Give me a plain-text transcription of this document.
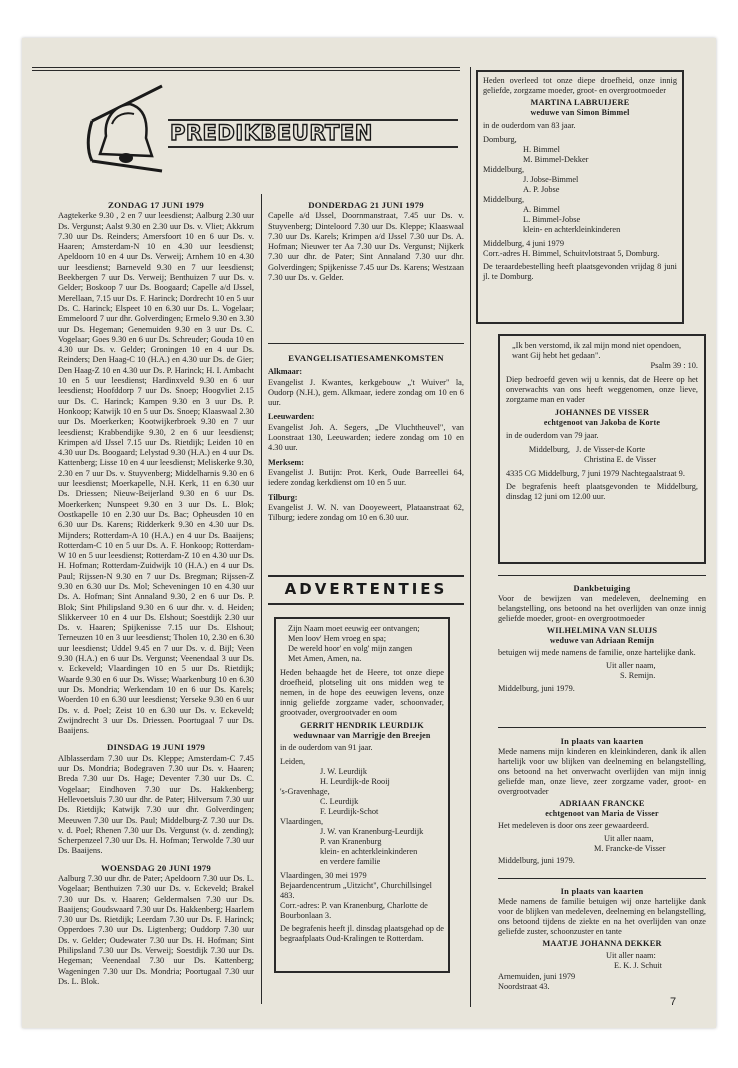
PREDIKBEURTEN
ZONDAG 17 JUNI 1979

Aagtekerke 9.30 , 2 en 7 uur leesdienst; Aalburg 2.30 uur Ds. Vergunst; Aalst 9.30 en 2.30 uur Ds. v. Vliet; Akkrum 7.30 uur Ds. Reinders; Amersfoort 10 en 6 uur Ds. v. Haaren; Amsterdam-N 10 en 4.30 uur leesdienst; Apeldoorn 10 en 4 uur Ds. Verweij; Arnhem 10 en 4.30 uur leesdienst; Barneveld 9.30 en 7 uur leesdienst; Beekbergen 7 uur Ds. Verweij; Benthuizen 7 uur Ds. v. Gelder; Boskoop 7 uur Ds. Boogaard; Capelle a/d IJssel, Merellaan, 7.15 uur Ds. F. Harinck; Dordrecht 10 en 5 uur Ds. C. Harinck; Elspeet 10 en 6.30 uur Ds. L. Vogelaar; Emmeloord 7 uur dhr. Golverdingen; Ermelo 9.30 en 3.30 uur Ds. Hegeman; Genemuiden 9.30 en 3 uur Ds. C. Vogelaar; Goes 9.30 en 6 uur Ds. Schreuder; Gouda 10 en 4.30 uur Ds. v. Gelder; Groningen 10 en 4 uur Ds. Reinders; Den Haag-C 10 (H.A.) en 4.30 uur Ds. de Gier; Den Haag-Z 10 en 4.30 uur Ds. P. Harinck; H. I. Ambacht 10 en 5 uur leesdienst; Hardinxveld 9.30 en 6 uur leesdienst; Hoofddorp 7 uur Ds. Snoep; Hoogvliet 2.15 uur Ds. C. Harinck; Kampen 9.30 en 3 uur Ds. P. Honkoop; Katwijk 10 en 5 uur Ds. Snoep; Klaaswaal 2.30 uur Ds. Moerkerken; Kootwijkerbroek 9.30 en 7 uur leesdienst; Krabbendijke 9.30, 2 en 6 uur leesdienst; Krimpen a/d IJssel 7.15 uur Ds. Rietdijk; Leiden 10 en 4.30 uur Ds. Boogaard; Lelystad 9.30 (H.A.) en 4 uur Ds. Kattenberg; Lisse 10 en 4 uur leesdienst; Meliskerke 9.30, 2.30 en 7 uur Ds. v. Stuyvenberg; Middelharnis 9.30 en 6 uur leesdienst; Moerkapelle, N.H. Kerk, 11 en 6.30 uur Ds. Driessen; Nieuw-Beijerland 9.30 en 6 uur Ds. Moerkerken; Nunspeet 9.30 en 3 uur Ds. L. Blok; Oostkapelle 10 en 2.30 uur Ds. Bac; Opheusden 10 en 6.30 uur Ds. Karens; Ridderkerk 9.30 en 4.30 uur Ds. Mijnders; Rotterdam-A 10 (H.A.) en 4 uur Ds. Baaijens; Rotterdam-C 10 en 5 uur Ds. A. F. Honkoop; Rotterdam-W 10 en 5 uur leesdienst; Rotterdam-Z 10 en 4.30 uur Ds. H. Hofman; Rotterdam-Zuidwijk 10 (H.A.) en 4 uur Ds. Paul; Rijssen-N 9.30 en 7 uur Ds. Bregman; Rijssen-Z 9.30 en 6.30 uur Ds. Mol; Scheveningen 10 en 4.30 uur Ds. A. Hofman; Sint Annaland 9.30, 2 en 6 uur Ds. P. Blok; Sint Philipsland 9.30 en 6 uur dhr. v. d. Heiden; Slikkerveer 10 en 4 uur Ds. Elshout; Soestdijk 2.30 uur Ds. v. Haaren; Spijkenisse 7.15 uur Ds. Elshout; Terneuzen 10 en 3 uur leesdienst; Tholen 10, 2.30 en 6.30 uur leesdienst; Uddel 9.45 en 7 uur Ds. v. d. Bijl; Veen 9.30 (H.A.) en 6 uur Ds. Vergunst; Veenendaal 3 uur Ds. v. Eckeveld; Vlaardingen 10 en 5 uur Ds. Rietdijk; Waarde 9.30 en 6 uur Ds. Wisse; Waarkenburg 10 en 6.30 uur Ds. Mondria; Werkendam 10 en 6 uur Ds. Karels; Woerden 10 en 6.30 uur leesdienst; Yerseke 9.30 en 6 uur Ds. v. d. Poel; Zeist 10 en 6.30 uur Ds. v. Eckeveld; Zwijndrecht 3 uur Ds. Driessen. Poortugaal 7 uur Ds. Baaijens.

DINSDAG 19 JUNI 1979

Alblasserdam 7.30 uur Ds. Kleppe; Amsterdam-C 7.45 uur Ds. Mondria; Bodegraven 7.30 uur Ds. v. Haaren; Breda 7.30 uur Ds. Hage; Deventer 7.30 uur Ds. C. Vogelaar; Eindhoven 7.30 uur Ds. Hakkenberg; Hellevoetsluis 7.30 uur dhr. de Pater; Hilversum 7.30 uur Ds. Rietdijk; Katwijk 7.30 uur dhr. Golverdingen; Meeuwen 7.30 uur Ds. Paul; Middelburg-Z 7.30 uur Ds. v. d. Poel; Rhenen 7.30 uur Ds. Vergunst (v. d. zending); Scherpenzeel 7.30 uur Ds. H. Hofman; Terwolde 7.30 uur Ds. Baaijens.

WOENSDAG 20 JUNI 1979

Aalburg 7.30 uur dhr. de Pater; Apeldoorn 7.30 uur Ds. L. Vogelaar; Benthuizen 7.30 uur Ds. v. Eckeveld; Brakel 7.30 uur Ds. v. Haaren; Geldermalsen 7.30 uur Ds. Baaijens; Goudswaard 7.30 uur Ds. Hakkenberg; Haarlem 7.30 uur Ds. Rietdijk; Leerdam 7.30 uur Ds. F. Harinck; Opperdoes 7.30 uur Ds. Ligtenberg; Ouddorp 7.30 uur Ds. v. Gelder; Oudewater 7.30 uur Ds. H. Hofman; Sint Philipsland 7.30 uur Ds. Verweij; Soestdijk 7.30 uur Ds. Hegeman; Veenendaal 7.30 uur Ds. Kattenberg; Wageningen 7.30 uur Ds. Mondria; Poortugaal 7.30 uur Ds. L. Blok.

DONDERDAG 21 JUNI 1979

Capelle a/d IJssel, Doornmanstraat, 7.45 uur Ds. v. Stuyvenberg; Dinteloord 7.30 uur Ds. Kleppe; Klaaswaal 7.30 uur Ds. Karels; Krimpen a/d IJssel 7.30 uur Ds. A. Hofman; Nieuwer ter Aa 7.30 uur Ds. Vergunst; Nijkerk 7.30 uur dhr. de Pater; Sint Annaland 7.30 uur dhr. Golverdingen; Spijkenisse 7.45 uur Ds. Karens; Westzaan 7.30 uur Ds. v. Gelder.

EVANGELISATIESAMENKOMSTEN
Alkmaar:

Evangelist J. Kwantes, kerkgebouw „'t Wuiver" la, Oudorp (N.H.), gem. Alkmaar, iedere zondag om 10 en 6 uur.

Leeuwarden:

Evangelist Joh. A. Segers, „De Vluchtheuvel", van Loonstraat 130, Leeuwarden; iedere zondag om 10 en 4.30 uur.

Merksem:

Evangelist J. Butijn: Prot. Kerk, Oude Barreellei 64, iedere zondag kerkdienst om 10 en 5 uur.

Tilburg:

Evangelist J. W. N. van Dooyeweert, Plataanstraat 62, Tilburg; iedere zondag om 10 en 6.30 uur.

ADVERTENTIES

Zijn Naam moet eeuwig eer ontvangen;

Men loov' Hem vroeg en spa;

De wereld hoor' en volg' mijn zangen

Met Amen, Amen, na.

Heden behaagde het de Heere, tot onze diepe droefheid, plotseling uit ons midden weg te nemen, in de hope des eeuwigen levens, onze innig geliefde zorgzame vader, schoonvader, grootvader, overgrootvader en oom

GERRIT HENDRIK LEURDIJK

weduwnaar van Marrigje den Breejen

in de ouderdom van 91 jaar.

Leiden,

J. W. Leurdijk

H. Leurdijk-de Rooij

's-Gravenhage,

C. Leurdijk

F. Leurdijk-Schot

Vlaardingen,

J. W. van Kranenburg-Leurdijk

P. van Kranenburg

klein- en achterkleinkinderen

en verdere familie

Vlaardingen, 30 mei 1979

Bejaardencentrum „Uitzicht", Churchillsingel 483.

Corr.-adres: P. van Kranenburg, Charlotte de Bourbonlaan 3.

De begrafenis heeft jl. dinsdag plaatsgehad op de begraafplaats Oud-Kralingen te Rotterdam.

Heden overleed tot onze diepe droefheid, onze innig geliefde, zorgzame moeder, groot- en overgrootmoeder

MARTINA LABRUIJERE

weduwe van Simon Bimmel

in de ouderdom van 83 jaar.

Domburg,

H. Bimmel

M. Bimmel-Dekker

Middelburg,

J. Jobse-Bimmel

A. P. Jobse

Middelburg,

A. Bimmel

L. Bimmel-Jobse

klein- en achterkleinkinderen

Middelburg, 4 juni 1979

Corr.-adres H. Bimmel, Schuitvlotstraat 5, Domburg.

De teraardebestelling heeft plaatsgevonden vrijdag 8 juni jl. te Domburg.

„Ik ben verstomd, ik zal mijn mond niet opendoen, want Gij hebt het gedaan".

Psalm 39 : 10.

Diep bedroefd geven wij u kennis, dat de Heere op het onverwachts van ons heeft weggenomen, onze lieve, zorgzame man en vader

JOHANNES DE VISSER

echtgenoot van Jakoba de Korte

in de ouderdom van 79 jaar.

Middelburg, J. de Visser-de Korte

Christina E. de Visser

4335 CG Middelburg, 7 juni 1979 Nachtegaalstraat 9.

De begrafenis heeft plaatsgevonden te Middelburg, dinsdag 12 juni om 12.00 uur.

Dankbetuiging

Voor de bewijzen van medeleven, deelneming en belangstelling, ons betoond na het overlijden van onze innig geliefde moeder, groot- en overgrootmoeder

WILHELMINA VAN SLUIJS

weduwe van Adriaan Remijn

betuigen wij mede namens de familie, onze hartelijke dank.

Uit aller naam,

S. Remijn.

Middelburg, juni 1979.

In plaats van kaarten

Mede namens mijn kinderen en kleinkinderen, dank ik allen hartelijk voor uw blijken van deelneming en belangstelling, ons betoond na het onverwacht overlijden van mijn innig geliefde man, onze lieve, zeer zorgzame vader, groot- en overgrootvader

ADRIAAN FRANCKE

echtgenoot van Maria de Visser

Het medeleven is door ons zeer gewaardeerd.

Uit aller naam,

M. Francke-de Visser

Middelburg, juni 1979.

In plaats van kaarten

Mede namens de familie betuigen wij onze hartelijke dank voor de blijken van medeleven, deelneming en belangstelling, ons betoond tijdens de ziekte en na het overlijden van onze geliefde zuster, schoonzuster en tante

MAATJE JOHANNA DEKKER

Uit aller naam:

E. K. J. Schuit

Arnemuiden, juni 1979

Noordstraat 43.

7
